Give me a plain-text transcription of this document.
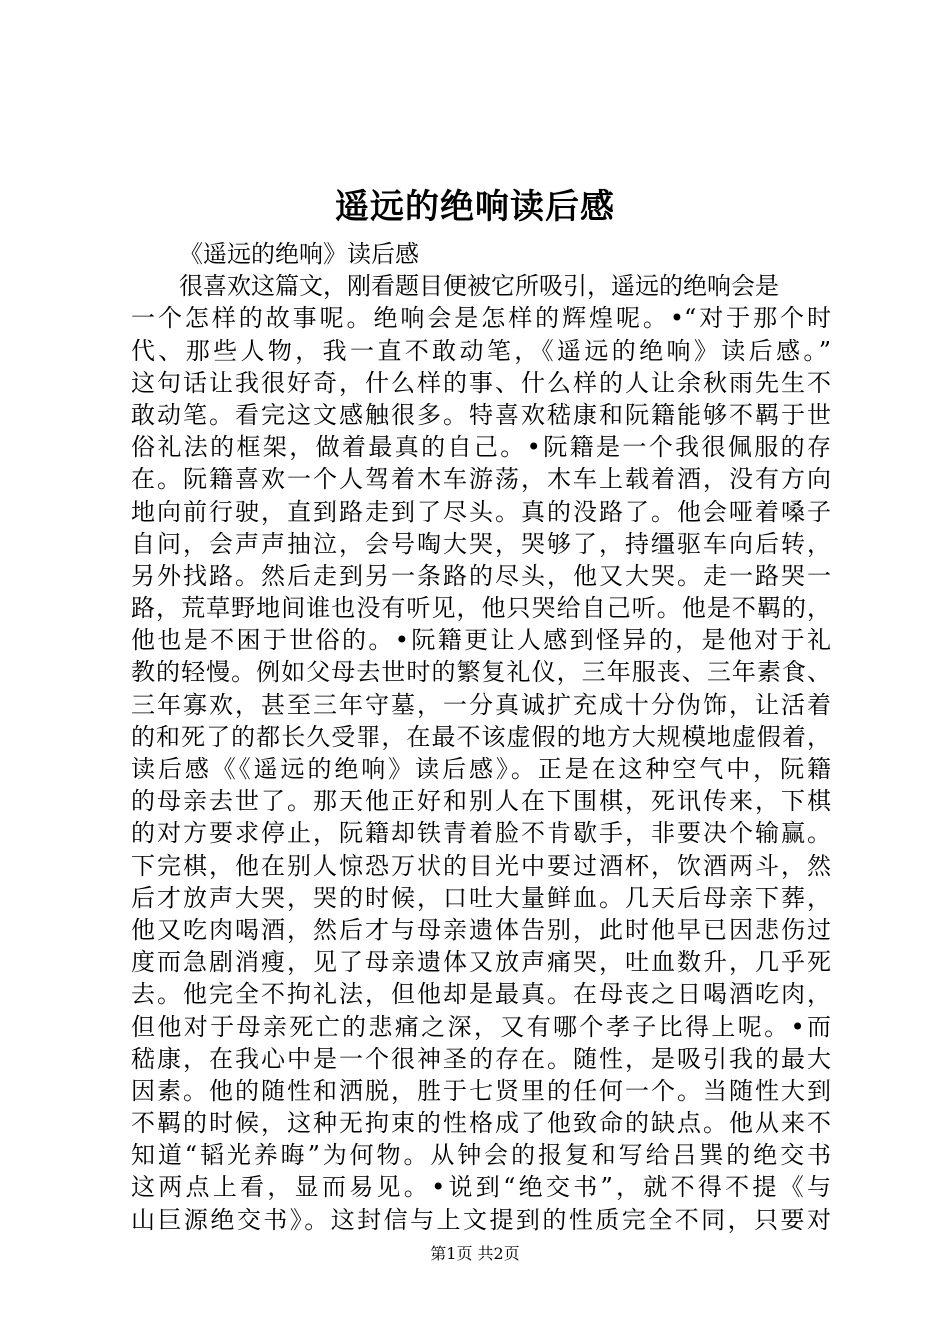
遥远的绝响读后感
《遥远的绝响》读后感
很喜欢这篇文，刚看题目便被它所吸引，遥远的绝响会是
一个怎样的故事呢。绝响会是怎样的辉煌呢。•“对于那个时
代、那些人物，我一直不敢动笔，《遥远的绝响》读后感。”
这句话让我很好奇，什么样的事、什么样的人让余秋雨先生不
敢动笔。看完这文感触很多。特喜欢嵇康和阮籍能够不羁于世
俗礼法的框架，做着最真的自己。•阮籍是一个我很佩服的存
在。阮籍喜欢一个人驾着木车游荡，木车上载着酒，没有方向
地向前行驶，直到路走到了尽头。真的没路了。他会哑着嗓子
自问，会声声抽泣，会号啕大哭，哭够了，持缰驱车向后转，
另外找路。然后走到另一条路的尽头，他又大哭。走一路哭一
路，荒草野地间谁也没有听见，他只哭给自己听。他是不羁的，
他也是不困于世俗的。•阮籍更让人感到怪异的，是他对于礼
教的轻慢。例如父母去世时的繁复礼仪，三年服丧、三年素食、
三年寡欢，甚至三年守墓，一分真诚扩充成十分伪饰，让活着
的和死了的都长久受罪，在最不该虚假的地方大规模地虚假着，
读后感《《遥远的绝响》读后感》。正是在这种空气中，阮籍
的母亲去世了。那天他正好和别人在下围棋，死讯传来，下棋
的对方要求停止，阮籍却铁青着脸不肯歇手，非要决个输赢。
下完棋，他在别人惊恐万状的目光中要过酒杯，饮酒两斗，然
后才放声大哭，哭的时候，口吐大量鲜血。几天后母亲下葬，
他又吃肉喝酒，然后才与母亲遗体告别，此时他早已因悲伤过
度而急剧消瘦，见了母亲遗体又放声痛哭，吐血数升，几乎死
去。他完全不拘礼法，但他却是最真。在母丧之日喝酒吃肉，
但他对于母亲死亡的悲痛之深，又有哪个孝子比得上呢。•而
嵇康，在我心中是一个很神圣的存在。随性，是吸引我的最大
因素。他的随性和洒脱，胜于七贤里的任何一个。当随性大到
不羁的时候，这种无拘束的性格成了他致命的缺点。他从来不
知道“韬光养晦”为何物。从钟会的报复和写给吕巽的绝交书
这两点上看，显而易见。•说到“绝交书”，就不得不提《与
山巨源绝交书》。这封信与上文提到的性质完全不同，只要对
第1页 共2页
